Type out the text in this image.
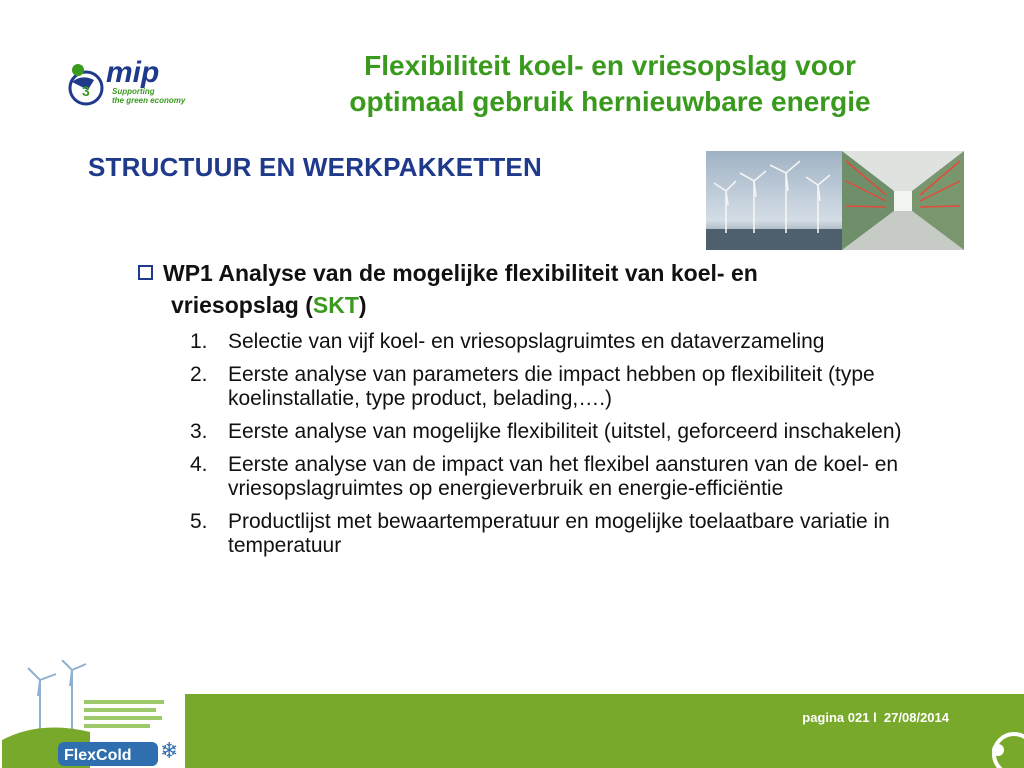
3
mip
Supporting
the green economy
Flexibiliteit koel- en vriesopslag voor
optimaal gebruik hernieuwbare energie
STRUCTUUR EN WERKPAKKETTEN
WP1 Analyse van de mogelijke flexibiliteit van koel- en
vriesopslag (SKT)
1. Selectie van vijf koel- en vriesopslagruimtes en dataverzameling
2. Eerste analyse van parameters die impact hebben op flexibiliteit (type koelinstallatie, type product, belading,….)
3. Eerste analyse van mogelijke flexibiliteit (uitstel, geforceerd inschakelen)
4. Eerste analyse van de impact van het flexibel aansturen van de koel- en vriesopslagruimtes op energieverbruik en energie-efficiëntie
5. Productlijst met bewaartemperatuur en mogelijke toelaatbare variatie in temperatuur
pagina 021 l 27/08/2014
FlexCold ❄
